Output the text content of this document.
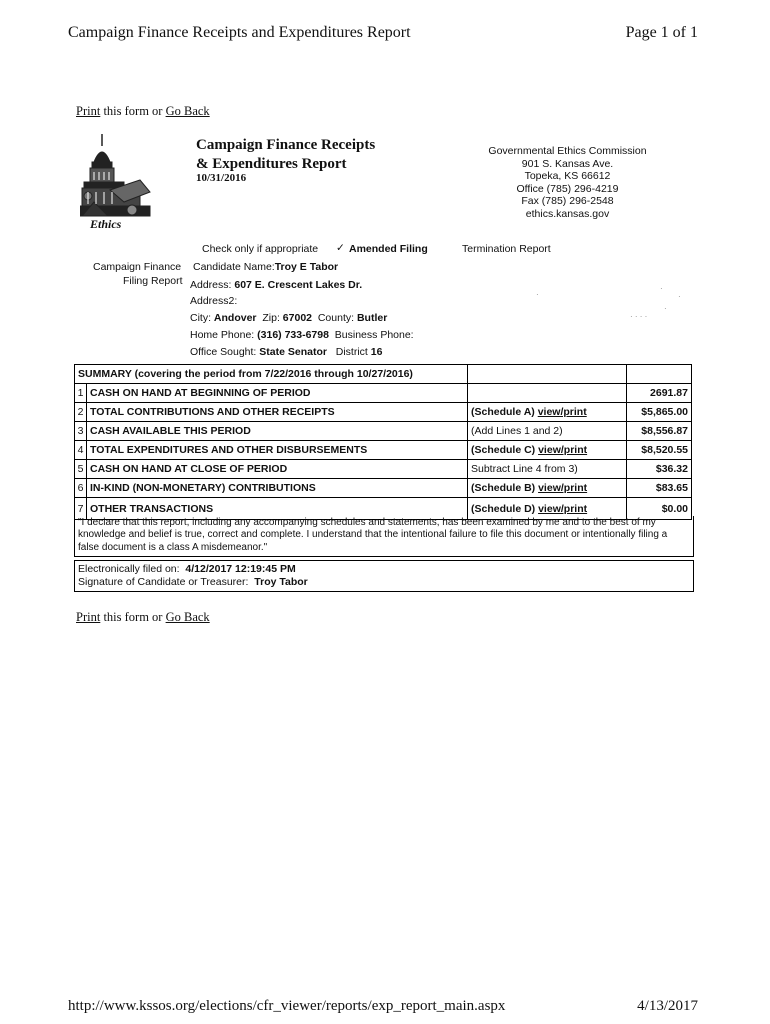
Campaign Finance Receipts and Expenditures Report	Page 1 of 1
Print this form or Go Back
Ethics
Campaign Finance Receipts
& Expenditures Report
10/31/2016
Governmental Ethics Commission
901 S. Kansas Ave.
Topeka, KS 66612
Office (785) 296-4219
Fax (785) 296-2548
ethics.kansas.gov
Check only if appropriate ✓ Amended Filing	Termination Report
Campaign Finance
Filing Report
Candidate Name:Troy E Tabor
Address: 607 E. Crescent Lakes Dr.
Address2:
City: Andover Zip: 67002 County: Butler
Home Phone: (316) 733-6798 Business Phone:
Office Sought: State Senator District 16
·
·
·
· · · ·
·
SUMMARY (covering the period from 7/22/2016 through 10/27/2016)			
1	CASH ON HAND AT BEGINNING OF PERIOD		2691.87
2	TOTAL CONTRIBUTIONS AND OTHER RECEIPTS	(Schedule A) view/print	$5,865.00
3	CASH AVAILABLE THIS PERIOD	(Add Lines 1 and 2)	$8,556.87
4	TOTAL EXPENDITURES AND OTHER DISBURSEMENTS	(Schedule C) view/print	$8,520.55
5	CASH ON HAND AT CLOSE OF PERIOD	Subtract Line 4 from 3)	$36.32
6	IN-KIND (NON-MONETARY) CONTRIBUTIONS	(Schedule B) view/print	$83.65
7	OTHER TRANSACTIONS	(Schedule D) view/print	$0.00
"I declare that this report, including any accompanying schedules and statements, has been examined by me and to the best of my knowledge and belief is true, correct and complete. I understand that the intentional failure to file this document or intentionally filing a false document is a class A misdemeanor."
Electronically filed on: 4/12/2017 12:19:45 PM
Signature of Candidate or Treasurer: Troy Tabor
Print this form or Go Back
http://www.kssos.org/elections/cfr_viewer/reports/exp_report_main.aspx	4/13/2017
